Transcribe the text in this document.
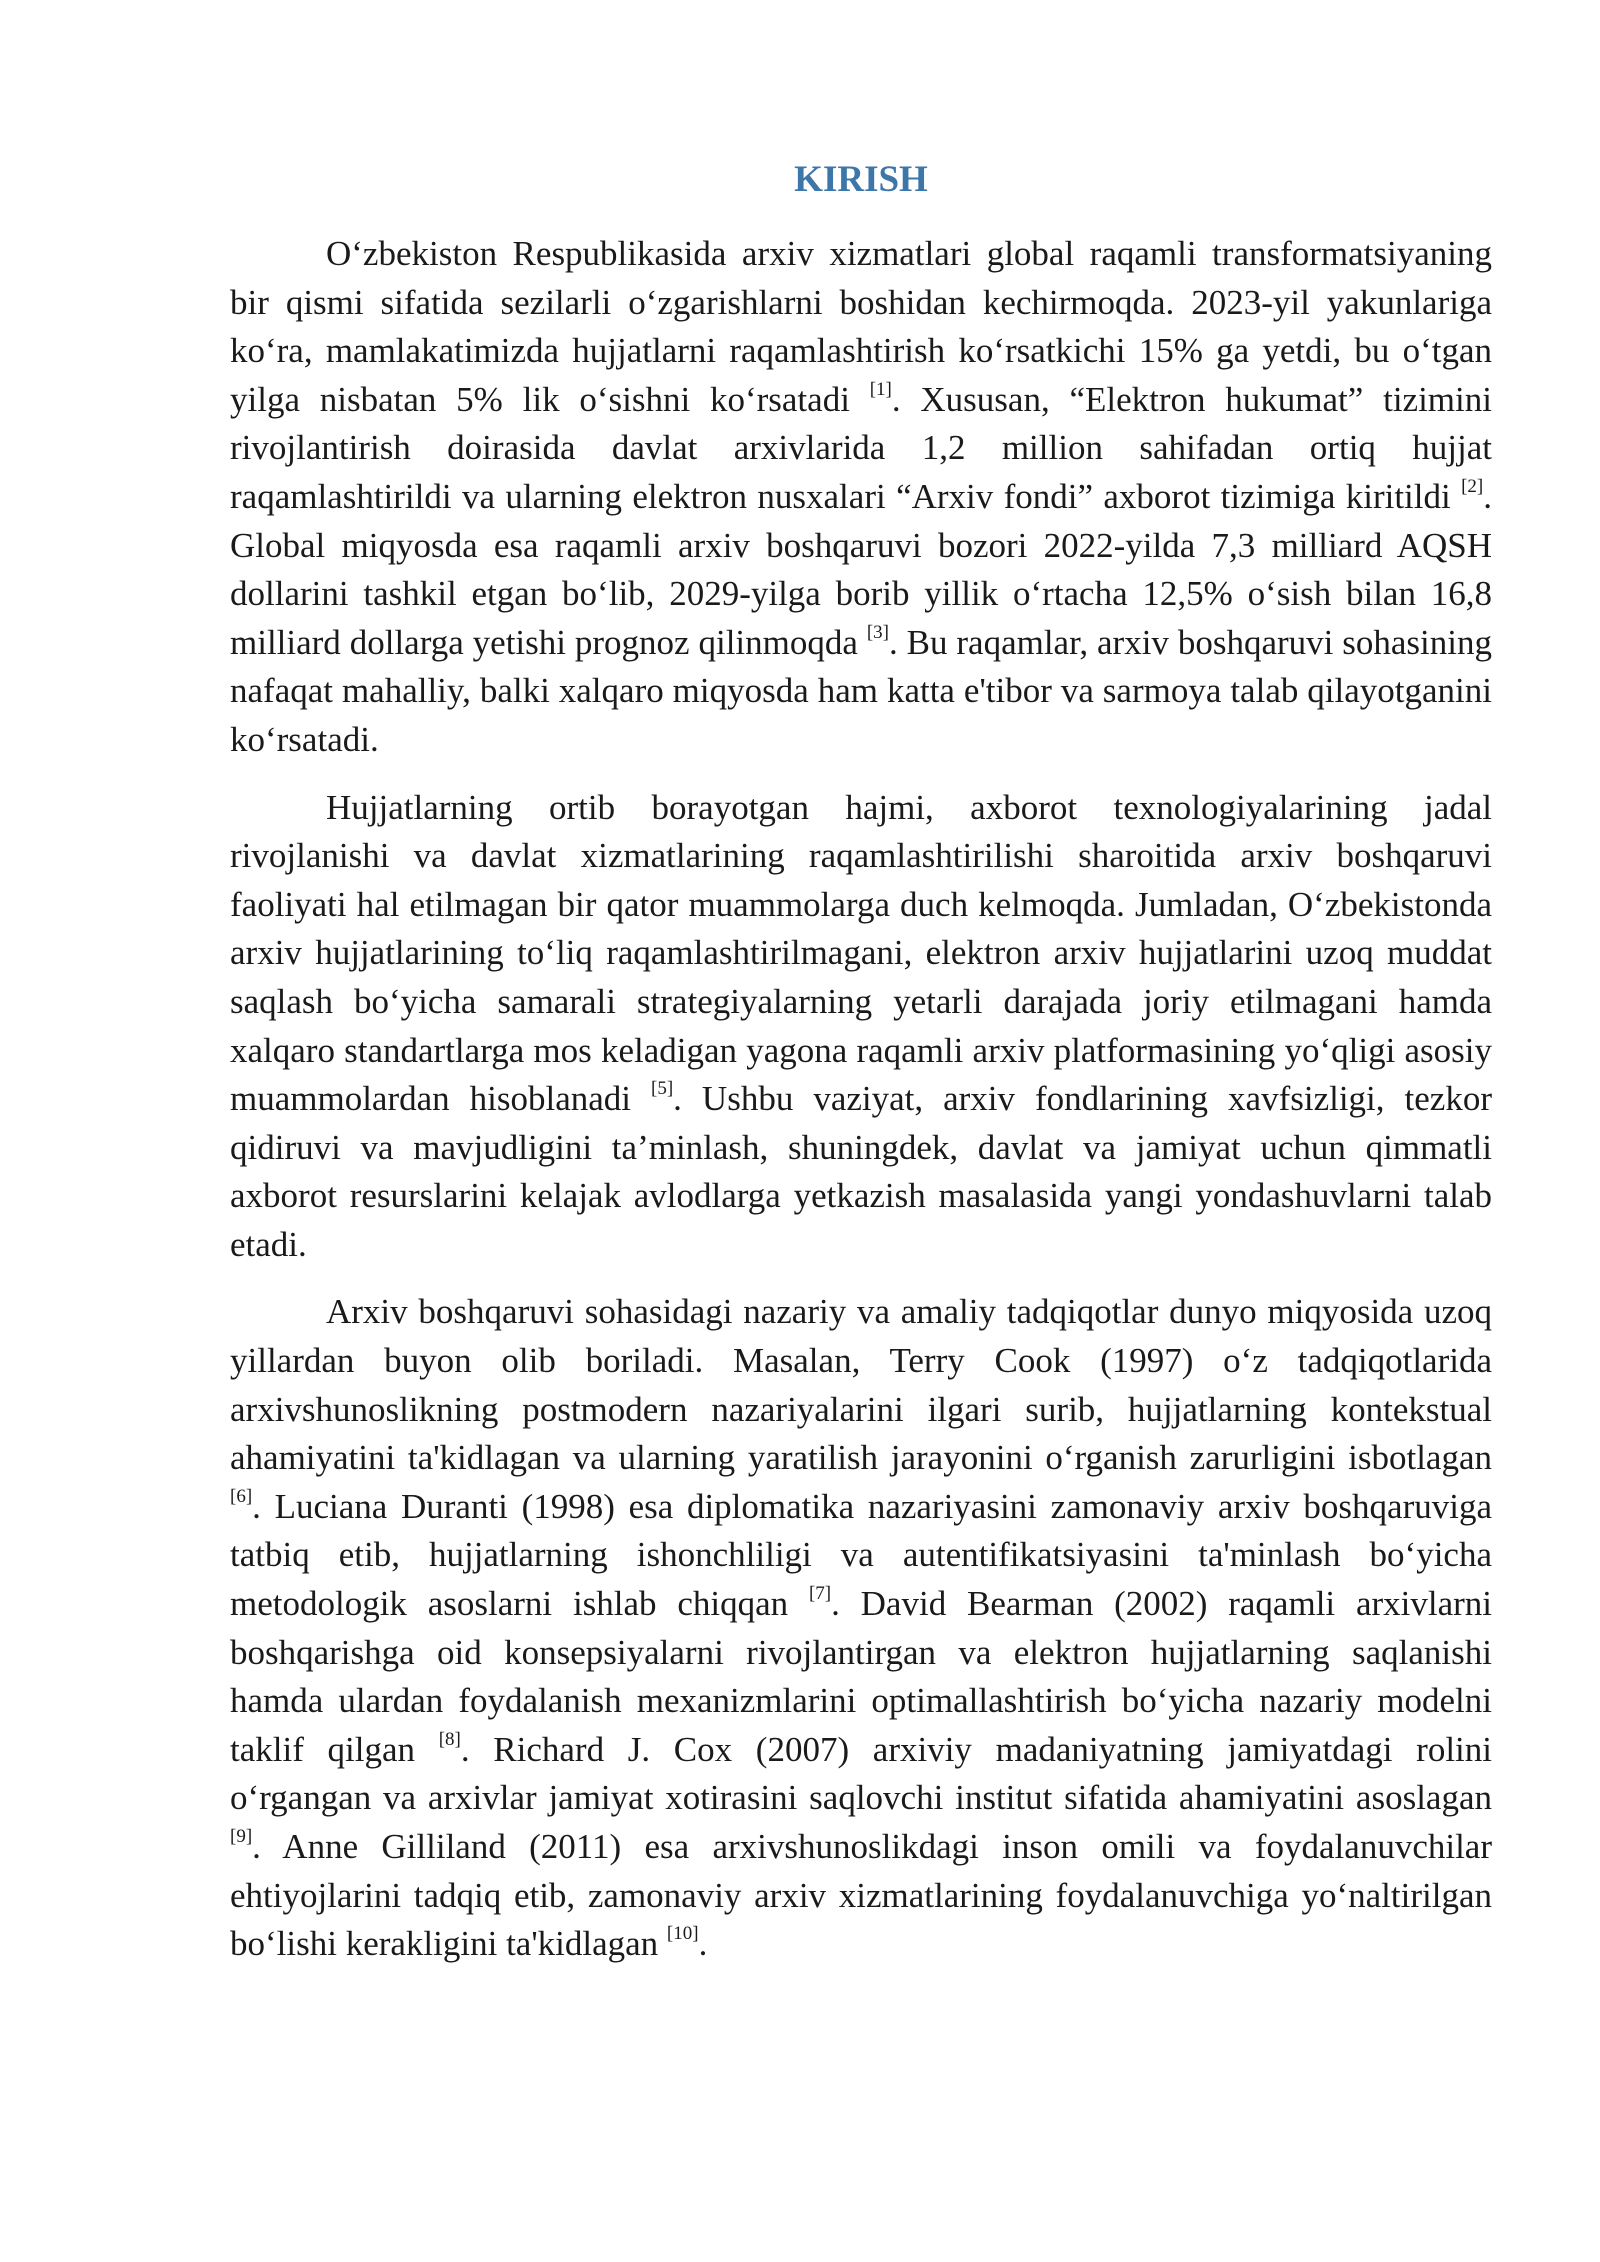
KIRISH

O‘zbekiston Respublikasida arxiv xizmatlari global raqamli transformatsiyaning bir qismi sifatida sezilarli o‘zgarishlarni boshidan kechirmoqda. 2023-yil yakunlariga ko‘ra, mamlakatimizda hujjatlarni raqamlashtirish ko‘rsatkichi 15% ga yetdi, bu o‘tgan yilga nisbatan 5% lik o‘sishni ko‘rsatadi [1]. Xususan, “Elektron hukumat” tizimini rivojlantirish doirasida davlat arxivlarida 1,2 million sahifadan ortiq hujjat raqamlashtirildi va ularning elektron nusxalari “Arxiv fondi” axborot tizimiga kiritildi [2]. Global miqyosda esa raqamli arxiv boshqaruvi bozori 2022-yilda 7,3 milliard AQSH dollarini tashkil etgan bo‘lib, 2029-yilga borib yillik o‘rtacha 12,5% o‘sish bilan 16,8 milliard dollarga yetishi prognoz qilinmoqda [3]. Bu raqamlar, arxiv boshqaruvi sohasining nafaqat mahalliy, balki xalqaro miqyosda ham katta e'tibor va sarmoya talab qilayotganini ko‘rsatadi.

Hujjatlarning ortib borayotgan hajmi, axborot texnologiyalarining jadal rivojlanishi va davlat xizmatlarining raqamlashtirilishi sharoitida arxiv boshqaruvi faoliyati hal etilmagan bir qator muammolarga duch kelmoqda. Jumladan, O‘zbekistonda arxiv hujjatlarining to‘liq raqamlashtirilmagani, elektron arxiv hujjatlarini uzoq muddat saqlash bo‘yicha samarali strategiyalarning yetarli darajada joriy etilmagani hamda xalqaro standartlarga mos keladigan yagona raqamli arxiv platformasining yo‘qligi asosiy muammolardan hisoblanadi [5]. Ushbu vaziyat, arxiv fondlarining xavfsizligi, tezkor qidiruvi va mavjudligini ta’minlash, shuningdek, davlat va jamiyat uchun qimmatli axborot resurslarini kelajak avlodlarga yetkazish masalasida yangi yondashuvlarni talab etadi.

Arxiv boshqaruvi sohasidagi nazariy va amaliy tadqiqotlar dunyo miqyosida uzoq yillardan buyon olib boriladi. Masalan, Terry Cook (1997) o‘z tadqiqotlarida arxivshunoslikning postmodern nazariyalarini ilgari surib, hujjatlarning kontekstual ahamiyatini ta'kidlagan va ularning yaratilish jarayonini o‘rganish zarurligini isbotlagan [6]. Luciana Duranti (1998) esa diplomatika nazariyasini zamonaviy arxiv boshqaruviga tatbiq etib, hujjatlarning ishonchliligi va autentifikatsiyasini ta'minlash bo‘yicha metodologik asoslarni ishlab chiqqan [7]. David Bearman (2002) raqamli arxivlarni boshqarishga oid konsepsiyalarni rivojlantirgan va elektron hujjatlarning saqlanishi hamda ulardan foydalanish mexanizmlarini optimallashtirish bo‘yicha nazariy modelni taklif qilgan [8]. Richard J. Cox (2007) arxiviy madaniyatning jamiyatdagi rolini o‘rgangan va arxivlar jamiyat xotirasini saqlovchi institut sifatida ahamiyatini asoslagan [9]. Anne Gilliland (2011) esa arxivshunoslikdagi inson omili va foydalanuvchilar ehtiyojlarini tadqiq etib, zamonaviy arxiv xizmatlarining foydalanuvchiga yo‘naltirilgan bo‘lishi kerakligini ta'kidlagan [10].
